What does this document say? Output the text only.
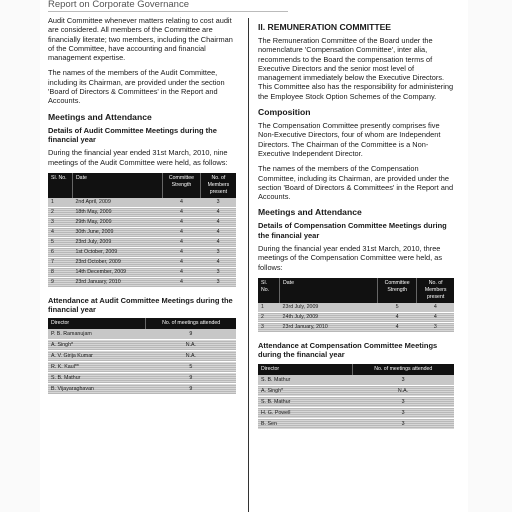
Report on Corporate Governance

Audit Committee whenever matters relating to cost audit are considered. All members of the Committee are financially literate; two members, including the Chairman of the Committee, have accounting and financial management expertise.

The names of the members of the Audit Committee, including its Chairman, are provided under the section 'Board of Directors & Committees' in the Report and Accounts.

Meetings and Attendance
Details of Audit Committee Meetings during the financial year

During the financial year ended 31st March, 2010, nine meetings of the Audit Committee were held, as follows:

Sl. No.	Date	Committee Strength	No. of Members present
1	2nd April, 2009	4	3
2	18th May, 2009	4	4
3	29th May, 2009	4	4
4	30th June, 2009	4	4
5	23rd July, 2009	4	4
6	1st October, 2009	4	3
7	23rd October, 2009	4	4
8	14th December, 2009	4	3
9	23rd January, 2010	4	3
Attendance at Audit Committee Meetings during the financial year
Director	No. of meetings attended
P. B. Ramanujam	9
A. Singh*	N.A.
A. V. Girija Kumar	N.A.
R. K. Kaul**	5
S. B. Mathur	9
B. Vijayaraghavan	9
II. REMUNERATION COMMITTEE

The Remuneration Committee of the Board under the nomenclature 'Compensation Committee', inter alia, recommends to the Board the compensation terms of Executive Directors and the senior most level of management immediately below the Executive Directors. This Committee also has the responsibility for administering the Employee Stock Option Schemes of the Company.

Composition

The Compensation Committee presently comprises five Non-Executive Directors, four of whom are Independent Directors. The Chairman of the Committee is a Non-Executive Independent Director.

The names of the members of the Compensation Committee, including its Chairman, are provided under the section 'Board of Directors & Committees' in the Report and Accounts.

Meetings and Attendance
Details of Compensation Committee Meetings during the financial year

During the financial year ended 31st March, 2010, three meetings of the Compensation Committee were held, as follows:

Sl. No.	Date	Committee Strength	No. of Members present
1	23rd July, 2009	5	4
2	24th July, 2009	4	4
3	23rd January, 2010	4	3
Attendance at Compensation Committee Meetings during the financial year
Director	No. of meetings attended
S. B. Mathur	3
A. Singh*	N.A.
S. B. Mathur	3
H. G. Powell	3
B. Sen	3
